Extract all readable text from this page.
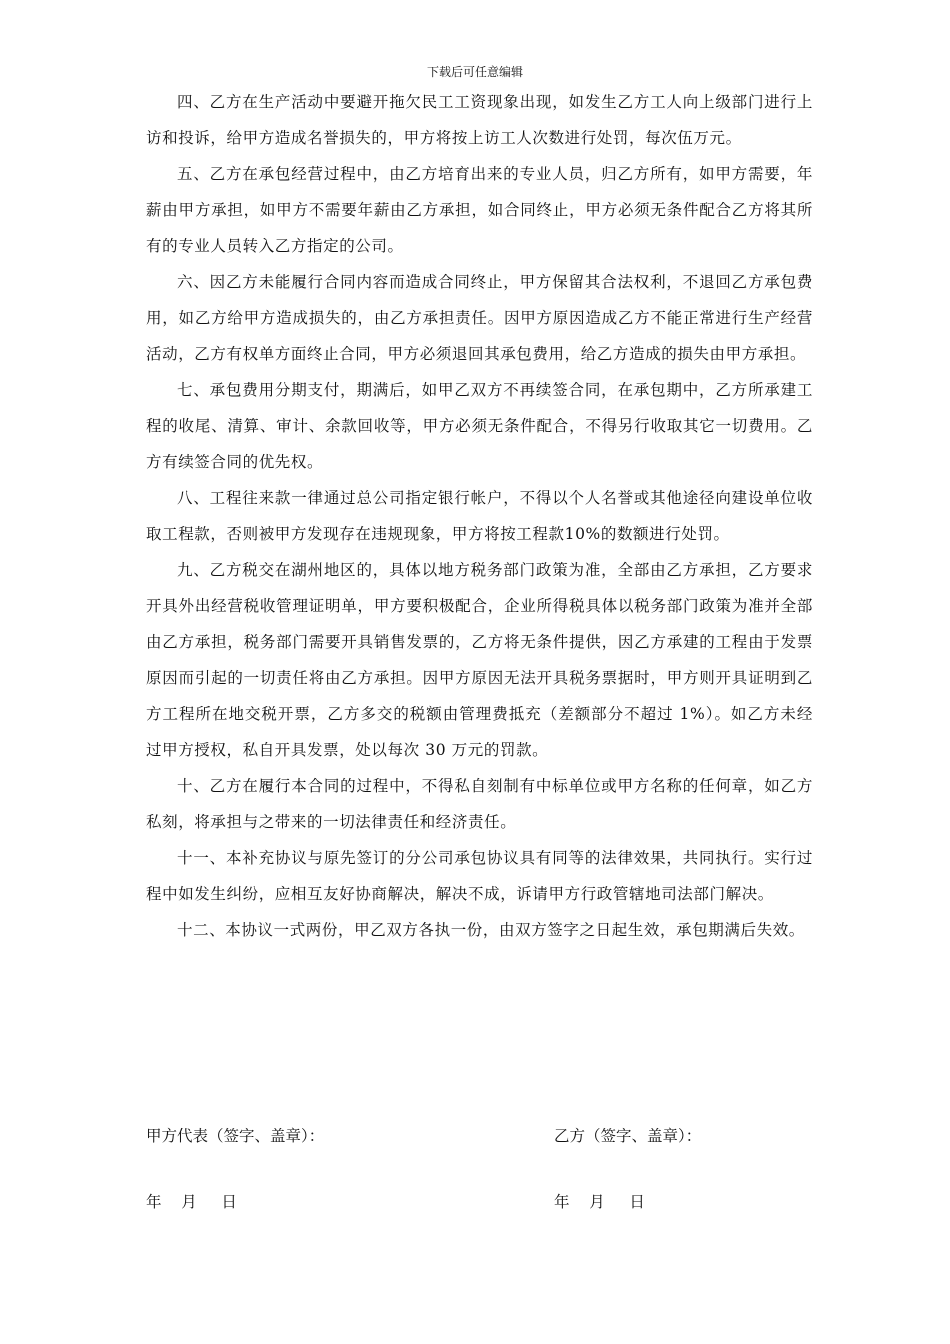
下载后可任意编辑

四、乙方在生产活动中要避开拖欠民工工资现象出现，如发生乙方工人向上级部门进行上访和投诉，给甲方造成名誉损失的，甲方将按上访工人次数进行处罚，每次伍万元。

五、乙方在承包经营过程中，由乙方培育出来的专业人员，归乙方所有，如甲方需要，年薪由甲方承担，如甲方不需要年薪由乙方承担，如合同终止，甲方必须无条件配合乙方将其所有的专业人员转入乙方指定的公司。

六、因乙方未能履行合同内容而造成合同终止，甲方保留其合法权利，不退回乙方承包费用，如乙方给甲方造成损失的，由乙方承担责任。因甲方原因造成乙方不能正常进行生产经营活动，乙方有权单方面终止合同，甲方必须退回其承包费用，给乙方造成的损失由甲方承担。

七、承包费用分期支付，期满后，如甲乙双方不再续签合同，在承包期中，乙方所承建工程的收尾、清算、审计、余款回收等，甲方必须无条件配合，不得另行收取其它一切费用。乙方有续签合同的优先权。

八、工程往来款一律通过总公司指定银行帐户，不得以个人名誉或其他途径向建设单位收取工程款，否则被甲方发现存在违规现象，甲方将按工程款10%的数额进行处罚。

九、乙方税交在湖州地区的，具体以地方税务部门政策为准，全部由乙方承担，乙方要求开具外出经营税收管理证明单，甲方要积极配合，企业所得税具体以税务部门政策为准并全部由乙方承担，税务部门需要开具销售发票的，乙方将无条件提供，因乙方承建的工程由于发票原因而引起的一切责任将由乙方承担。因甲方原因无法开具税务票据时，甲方则开具证明到乙方工程所在地交税开票，乙方多交的税额由管理费抵充（差额部分不超过 1%）。如乙方未经过甲方授权，私自开具发票，处以每次 30 万元的罚款。

十、乙方在履行本合同的过程中，不得私自刻制有中标单位或甲方名称的任何章，如乙方私刻，将承担与之带来的一切法律责任和经济责任。

十一、本补充协议与原先签订的分公司承包协议具有同等的法律效果，共同执行。实行过程中如发生纠纷，应相互友好协商解决，解决不成，诉请甲方行政管辖地司法部门解决。

十二、本协议一式两份，甲乙双方各执一份，由双方签字之日起生效，承包期满后失效。

甲方代表（签字、盖章）：	乙方（签字、盖章）：
年    月     日	年    月     日
